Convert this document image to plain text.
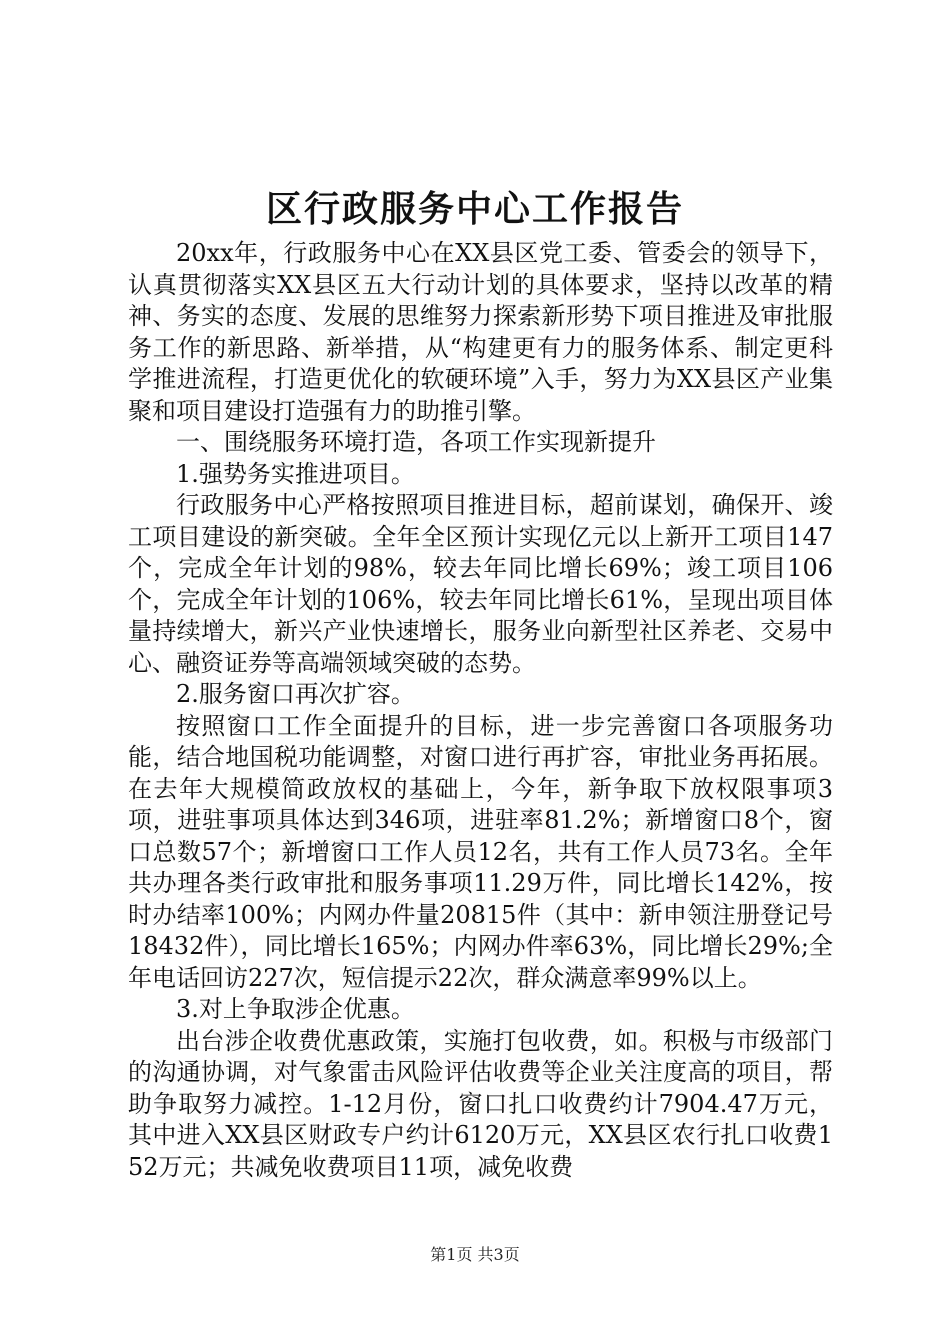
区行政服务中心工作报告

20xx年，行政服务中心在XX县区党工委、管委会的领导下，认真贯彻落实XX县区五大行动计划的具体要求，坚持以改革的精神、务实的态度、发展的思维努力探索新形势下项目推进及审批服务工作的新思路、新举措，从“构建更有力的服务体系、制定更科学推进流程，打造更优化的软硬环境”入手，努力为XX县区产业集聚和项目建设打造强有力的助推引擎。

一、围绕服务环境打造，各项工作实现新提升

1.强势务实推进项目。

行政服务中心严格按照项目推进目标，超前谋划，确保开、竣工项目建设的新突破。全年全区预计实现亿元以上新开工项目147个，完成全年计划的98%，较去年同比增长69%；竣工项目106个，完成全年计划的106%，较去年同比增长61%，呈现出项目体量持续增大，新兴产业快速增长，服务业向新型社区养老、交易中心、融资证券等高端领域突破的态势。

2.服务窗口再次扩容。

按照窗口工作全面提升的目标，进一步完善窗口各项服务功能，结合地国税功能调整，对窗口进行再扩容，审批业务再拓展。在去年大规模简政放权的基础上，今年，新争取下放权限事项3项，进驻事项具体达到346项，进驻率81.2%；新增窗口8个，窗口总数57个；新增窗口工作人员12名，共有工作人员73名。全年共办理各类行政审批和服务事项11.29万件，同比增长142%，按时办结率100%；内网办件量20815件（其中：新申领注册登记号18432件），同比增长165%；内网办件率63%，同比增长29%;全年电话回访227次，短信提示22次，群众满意率99%以上。

3.对上争取涉企优惠。

出台涉企收费优惠政策，实施打包收费，如。积极与市级部门的沟通协调，对气象雷击风险评估收费等企业关注度高的项目，帮助争取努力减控。1-12月份，窗口扎口收费约计7904.47万元，其中进入XX县区财政专户约计6120万元，XX县区农行扎口收费152万元；共减免收费项目11项，减免收费

第1页 共3页
